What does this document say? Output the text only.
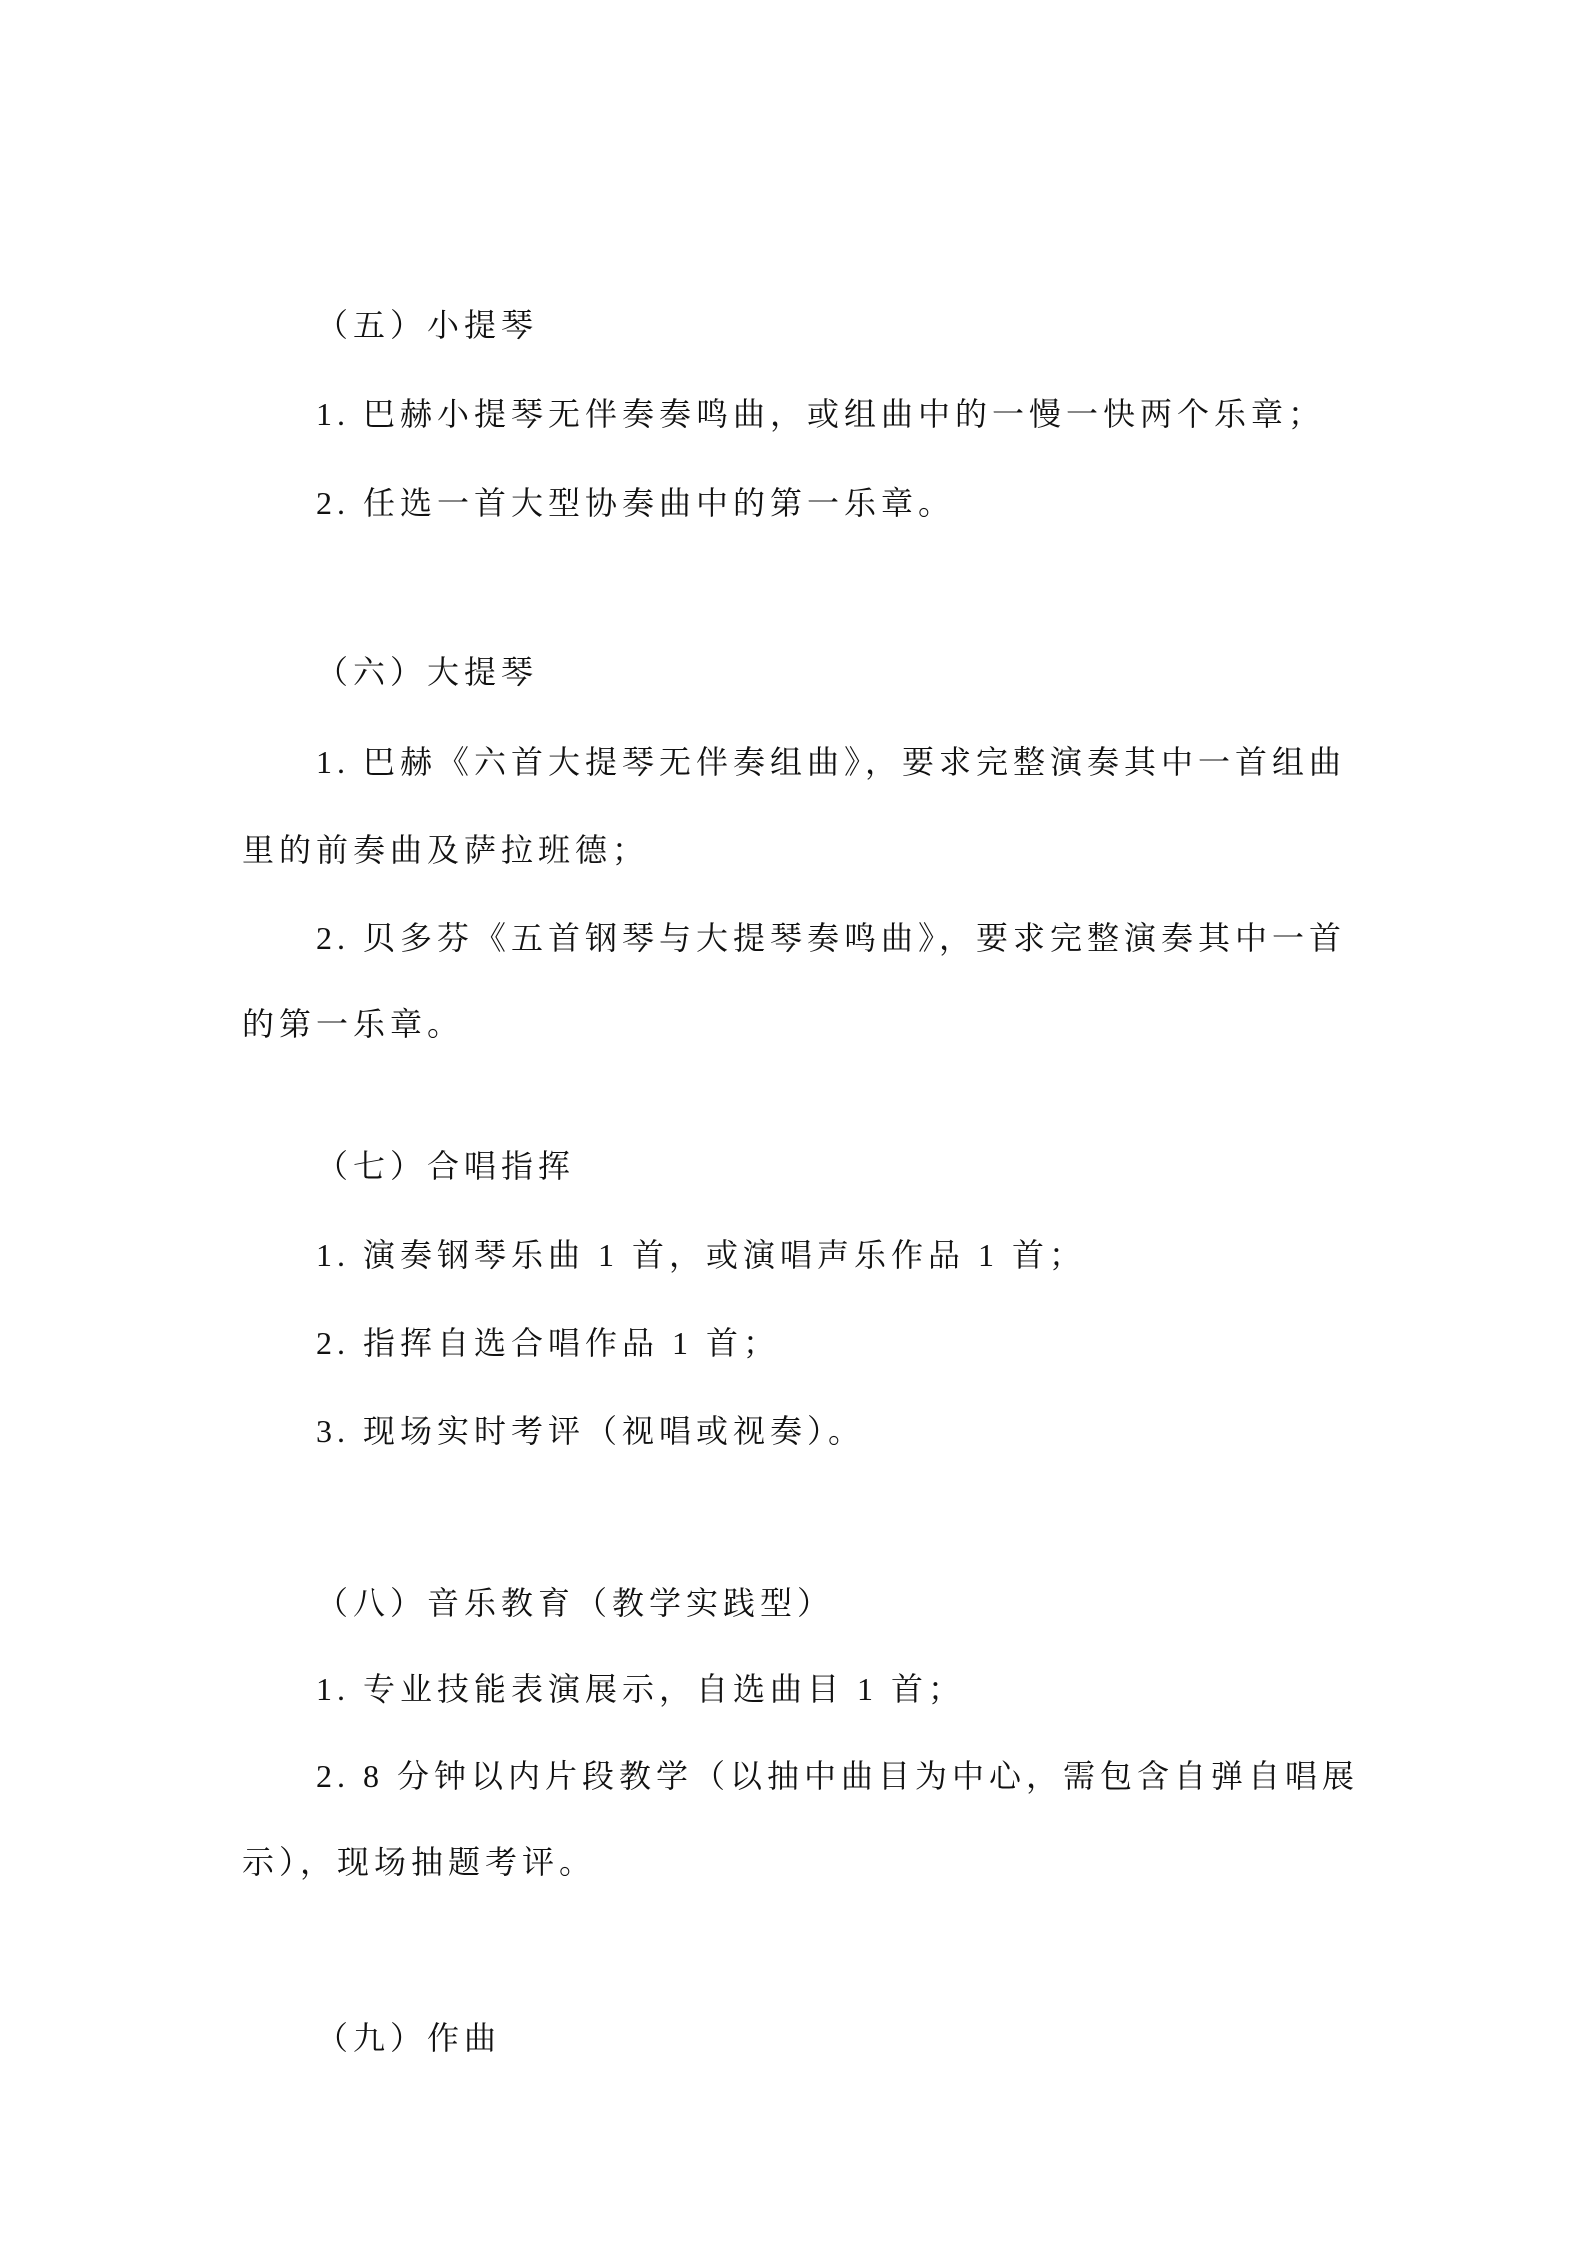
（五）小提琴
1. 巴赫小提琴无伴奏奏鸣曲，或组曲中的一慢一快两个乐章；
2. 任选一首大型协奏曲中的第一乐章。
（六）大提琴
1. 巴赫《六首大提琴无伴奏组曲》，要求完整演奏其中一首组曲
里的前奏曲及萨拉班德；
2. 贝多芬《五首钢琴与大提琴奏鸣曲》，要求完整演奏其中一首
的第一乐章。
（七）合唱指挥
1. 演奏钢琴乐曲 1 首，或演唱声乐作品 1 首；
2. 指挥自选合唱作品 1 首；
3. 现场实时考评（视唱或视奏）。
（八）音乐教育（教学实践型）
1. 专业技能表演展示，自选曲目 1 首；
2. 8 分钟以内片段教学（以抽中曲目为中心，需包含自弹自唱展
示），现场抽题考评。
（九）作曲
